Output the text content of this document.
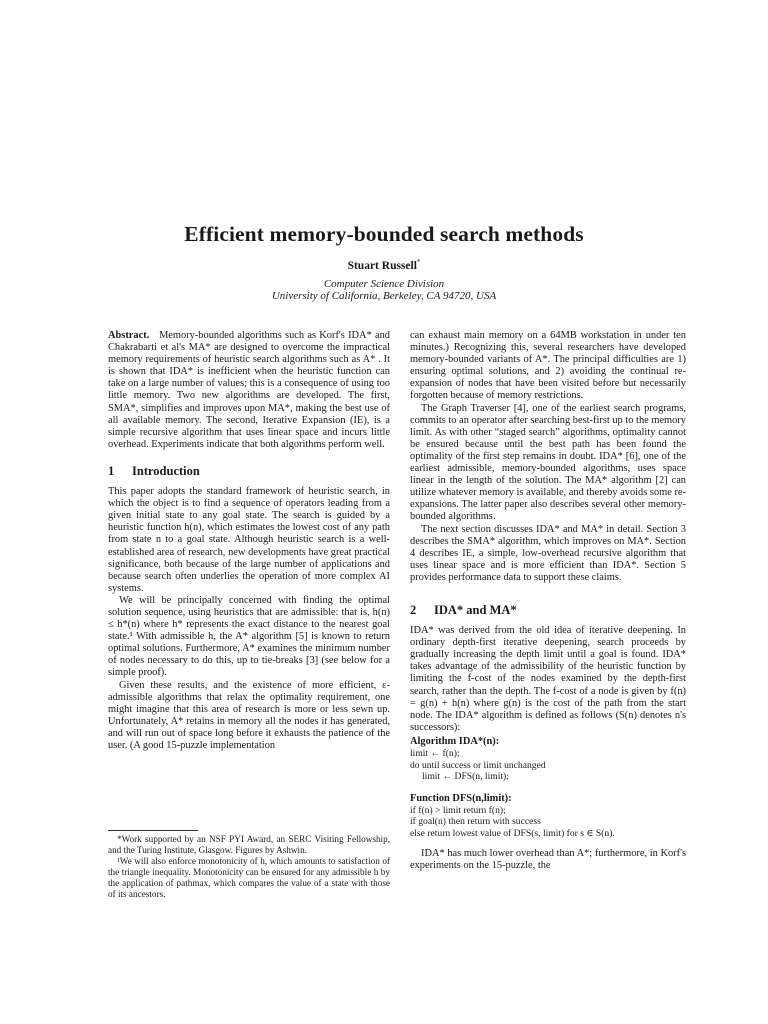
Efficient memory-bounded search methods
Stuart Russell*
Computer Science Division
University of California, Berkeley, CA 94720, USA

Abstract. Memory-bounded algorithms such as Korf's IDA* and Chakrabarti et al's MA* are designed to overcome the impractical memory requirements of heuristic search algorithms such as A* . It is shown that IDA* is inefficient when the heuristic function can take on a large number of values; this is a consequence of using too little memory. Two new algorithms are developed. The first, SMA*, simplifies and improves upon MA*, making the best use of all available memory. The second, Iterative Expansion (IE), is a simple recursive algorithm that uses linear space and incurs little overhead. Experiments indicate that both algorithms perform well.

1 Introduction

This paper adopts the standard framework of heuristic search, in which the object is to find a sequence of operators leading from a given initial state to any goal state. The search is guided by a heuristic function h(n), which estimates the lowest cost of any path from state n to a goal state. Although heuristic search is a well-established area of research, new developments have great practical significance, both because of the large number of applications and because search often underlies the operation of more complex AI systems.

We will be principally concerned with finding the optimal solution sequence, using heuristics that are admissible: that is, h(n) ≤ h*(n) where h* represents the exact distance to the nearest goal state.¹ With admissible h, the A* algorithm [5] is known to return optimal solutions. Furthermore, A* examines the minimum number of nodes necessary to do this, up to tie-breaks [3] (see below for a simple proof).

Given these results, and the existence of more efficient, ε-admissible algorithms that relax the optimality requirement, one might imagine that this area of research is more or less sewn up. Unfortunately, A* retains in memory all the nodes it has generated, and will run out of space long before it exhausts the patience of the user. (A good 15-puzzle implementation

*Work supported by an NSF PYI Award, an SERC Visiting Fellowship, and the Turing Institute, Glasgow. Figures by Ashwin.

¹We will also enforce monotonicity of h, which amounts to satisfaction of the triangle inequality. Monotonicity can be ensured for any admissible h by the application of pathmax, which compares the value of a state with those of its ancestors.

can exhaust main memory on a 64MB workstation in under ten minutes.) Recognizing this, several researchers have developed memory-bounded variants of A*. The principal difficulties are 1) ensuring optimal solutions, and 2) avoiding the continual re-expansion of nodes that have been visited before but necessarily forgotten because of memory restrictions.

The Graph Traverser [4], one of the earliest search programs, commits to an operator after searching best-first up to the memory limit. As with other “staged search” algorithms, optimality cannot be ensured because until the best path has been found the optimality of the first step remains in doubt. IDA* [6], one of the earliest admissible, memory-bounded algorithms, uses space linear in the length of the solution. The MA* algorithm [2] can utilize whatever memory is available, and thereby avoids some re-expansions. The latter paper also describes several other memory-bounded algorithms.

The next section discusses IDA* and MA* in detail. Section 3 describes the SMA* algorithm, which improves on MA*. Section 4 describes IE, a simple, low-overhead recursive algorithm that uses linear space and is more efficient than IDA*. Section 5 provides performance data to support these claims.

2 IDA* and MA*

IDA* was derived from the old idea of iterative deepening. In ordinary depth-first iterative deepening, search proceeds by gradually increasing the depth limit until a goal is found. IDA* takes advantage of the admissibility of the heuristic function by limiting the f-cost of the nodes examined by the depth-first search, rather than the depth. The f-cost of a node is given by f(n) = g(n) + h(n) where g(n) is the cost of the path from the start node. The IDA* algorithm is defined as follows (S(n) denotes n's successors):

Algorithm IDA*(n):
limit ← f(n);
do until success or limit unchanged
limit ← DFS(n, limit);
Function DFS(n,limit):
if f(n) > limit return f(n);
if goal(n) then return with success
else return lowest value of DFS(s, limit) for s ∈ S(n).

IDA* has much lower overhead than A*; furthermore, in Korf's experiments on the 15-puzzle, the
